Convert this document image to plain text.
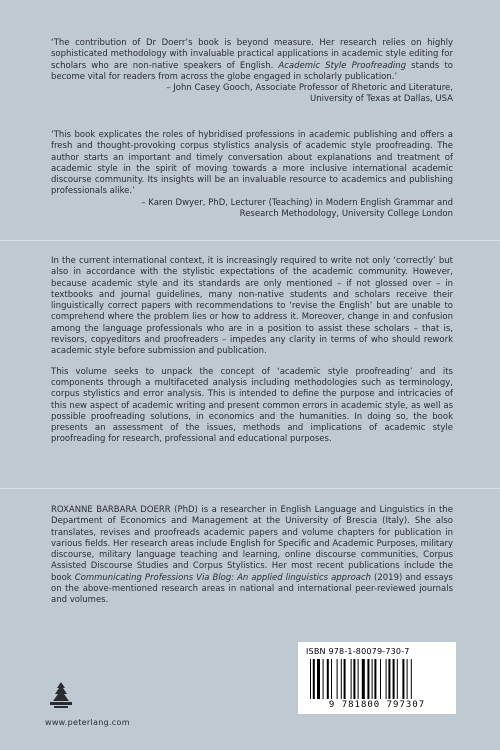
‘The contribution of Dr Doerr’s book is beyond measure. Her research relies on highly sophisticated methodology with invaluable practical applications in academic style editing for scholars who are non-native speakers of English. Academic Style Proofreading stands to become vital for readers from across the globe engaged in scholarly publication.’

– John Casey Gooch, Associate Professor of Rhetoric and Literature,

University of Texas at Dallas, USA

‘This book explicates the roles of hybridised professions in academic publishing and offers a fresh and thought-provoking corpus stylistics analysis of academic style proofreading. The author starts an important and timely conversation about explanations and treatment of academic style in the spirit of moving towards a more inclusive international academic discourse community. Its insights will be an invaluable resource to academics and publishing professionals alike.’

– Karen Dwyer, PhD, Lecturer (Teaching) in Modern English Grammar and

Research Methodology, University College London

In the current international context, it is increasingly required to write not only ‘correctly’ but also in accordance with the stylistic expectations of the academic community. However, because academic style and its standards are only mentioned – if not glossed over – in textbooks and journal guidelines, many non-native students and scholars receive their linguistically correct papers with recommendations to ‘revise the English’ but are unable to comprehend where the problem lies or how to address it. Moreover, change in and confusion among the language professionals who are in a position to assist these scholars – that is, revisors, copyeditors and proofreaders – impedes any clarity in terms of who should rework academic style before submission and publication.

This volume seeks to unpack the concept of ‘academic style proofreading’ and its components through a multifaceted analysis including methodologies such as terminology, corpus stylistics and error analysis. This is intended to define the purpose and intricacies of this new aspect of academic writing and present common errors in academic style, as well as possible proofreading solutions, in economics and the humanities. In doing so, the book presents an assessment of the issues, methods and implications of academic style proofreading for research, professional and educational purposes.

ROXANNE BARBARA DOERR (PhD) is a researcher in English Language and Linguistics in the Department of Economics and Management at the University of Brescia (Italy). She also translates, revises and proofreads academic papers and volume chapters for publication in various fields. Her research areas include English for Specific and Academic Purposes, military discourse, military language teaching and learning, online discourse communities, Corpus Assisted Discourse Studies and Corpus Stylistics. Her most recent publications include the book Communicating Professions Via Blog: An applied linguistics approach (2019) and essays on the above-mentioned research areas in national and international peer-reviewed journals and volumes.

ISBN 978-1-80079-730-7
9 781800 797307
www.peterlang.com
